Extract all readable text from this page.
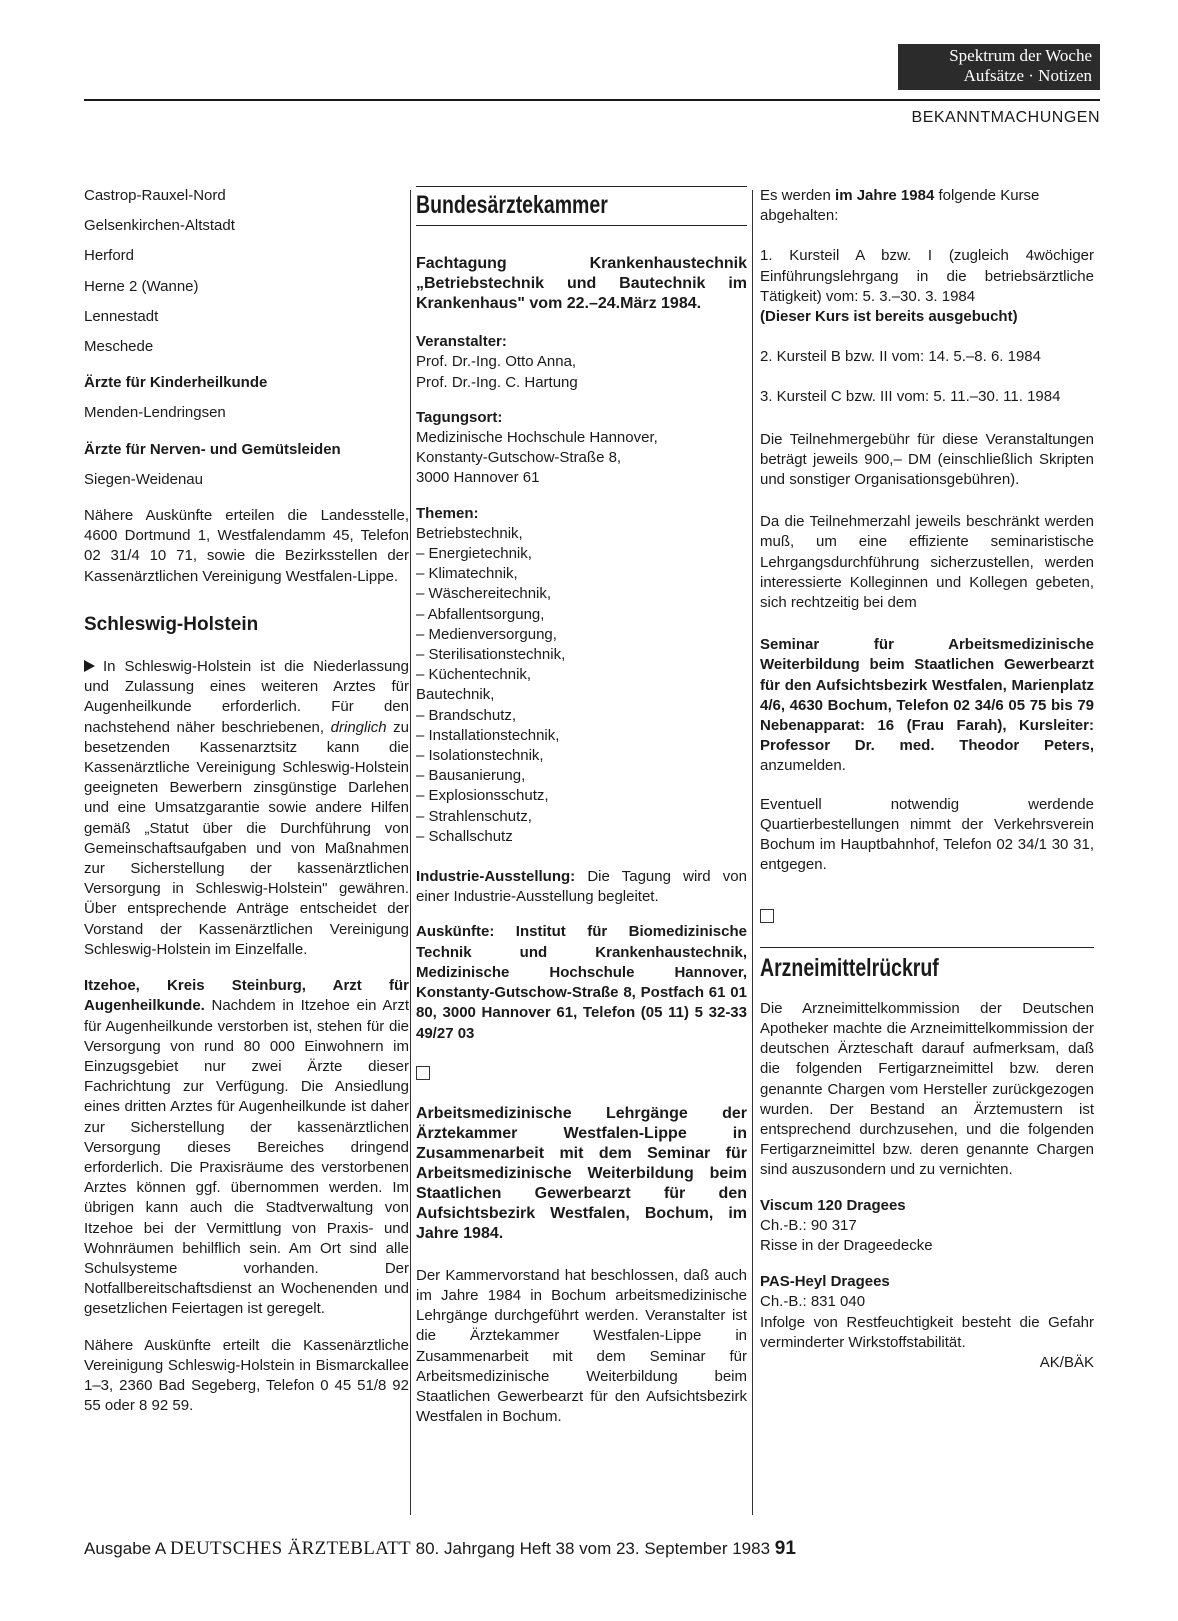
Spektrum der Woche
Aufsätze · Notizen
BEKANNTMACHUNGEN
Castrop-Rauxel-Nord
Gelsenkirchen-Altstadt
Herford
Herne 2 (Wanne)
Lennestadt
Meschede
Ärzte für Kinderheilkunde
Menden-Lendringsen
Ärzte für Nerven- und Gemütsleiden
Siegen-Weidenau
Nähere Auskünfte erteilen die Landesstelle, 4600 Dortmund 1, Westfalendamm 45, Telefon 02 31/4 10 71, sowie die Bezirksstellen der Kassenärztlichen Vereinigung Westfalen-Lippe.
Schleswig-Holstein
In Schleswig-Holstein ist die Niederlassung und Zulassung eines weiteren Arztes für Augenheilkunde erforderlich. Für den nachstehend näher beschriebenen, dringlich zu besetzenden Kassenarztsitz kann die Kassenärztliche Vereinigung Schleswig-Holstein geeigneten Bewerbern zinsgünstige Darlehen und eine Umsatzgarantie sowie andere Hilfen gemäß „Statut über die Durchführung von Gemeinschaftsaufgaben und von Maßnahmen zur Sicherstellung der kassenärztlichen Versorgung in Schleswig-Holstein" gewähren. Über entsprechende Anträge entscheidet der Vorstand der Kassenärztlichen Vereinigung Schleswig-Holstein im Einzelfalle.
Itzehoe, Kreis Steinburg, Arzt für Augenheilkunde. Nachdem in Itzehoe ein Arzt für Augenheilkunde verstorben ist, stehen für die Versorgung von rund 80 000 Einwohnern im Einzugsgebiet nur zwei Ärzte dieser Fachrichtung zur Verfügung. Die Ansiedlung eines dritten Arztes für Augenheilkunde ist daher zur Sicherstellung der kassenärztlichen Versorgung dieses Bereiches dringend erforderlich. Die Praxisräume des verstorbenen Arztes können ggf. übernommen werden. Im übrigen kann auch die Stadtverwaltung von Itzehoe bei der Vermittlung von Praxis- und Wohnräumen behilflich sein. Am Ort sind alle Schulsysteme vorhanden. Der Notfallbereitschaftsdienst an Wochenenden und gesetzlichen Feiertagen ist geregelt.
Nähere Auskünfte erteilt die Kassenärztliche Vereinigung Schleswig-Holstein in Bismarckallee 1–3, 2360 Bad Segeberg, Telefon 0 45 51/8 92 55 oder 8 92 59.
Bundesärztekammer
Fachtagung Krankenhaustechnik „Betriebstechnik und Bautechnik im Krankenhaus" vom 22.–24.März 1984.
Veranstalter:
Prof. Dr.-Ing. Otto Anna,
Prof. Dr.-Ing. C. Hartung
Tagungsort:
Medizinische Hochschule Hannover,
Konstanty-Gutschow-Straße 8,
3000 Hannover 61
Themen:
Betriebstechnik,
– Energietechnik,
– Klimatechnik,
– Wäschereitechnik,
– Abfallentsorgung,
– Medienversorgung,
– Sterilisationstechnik,
– Küchentechnik,
Bautechnik,
– Brandschutz,
– Installationstechnik,
– Isolationstechnik,
– Bausanierung,
– Explosionsschutz,
– Strahlenschutz,
– Schallschutz
Industrie-Ausstellung: Die Tagung wird von einer Industrie-Ausstellung begleitet.
Auskünfte: Institut für Biomedizinische Technik und Krankenhaustechnik, Medizinische Hochschule Hannover, Konstanty-Gutschow-Straße 8, Postfach 61 01 80, 3000 Hannover 61, Telefon (05 11) 5 32-33 49/27 03
Arbeitsmedizinische Lehrgänge der Ärztekammer Westfalen-Lippe in Zusammenarbeit mit dem Seminar für Arbeitsmedizinische Weiterbildung beim Staatlichen Gewerbearzt für den Aufsichtsbezirk Westfalen, Bochum, im Jahre 1984.
Der Kammervorstand hat beschlossen, daß auch im Jahre 1984 in Bochum arbeitsmedizinische Lehrgänge durchgeführt werden. Veranstalter ist die Ärztekammer Westfalen-Lippe in Zusammenarbeit mit dem Seminar für Arbeitsmedizinische Weiterbildung beim Staatlichen Gewerbearzt für den Aufsichtsbezirk Westfalen in Bochum.
Es werden im Jahre 1984 folgende Kurse abgehalten:
1. Kursteil A bzw. I (zugleich 4wöchiger Einführungslehrgang in die betriebsärztliche Tätigkeit) vom: 5. 3.–30. 3. 1984
(Dieser Kurs ist bereits ausgebucht)
2. Kursteil B bzw. II vom: 14. 5.–8. 6. 1984
3. Kursteil C bzw. III vom: 5. 11.–30. 11. 1984
Die Teilnehmergebühr für diese Veranstaltungen beträgt jeweils 900,– DM (einschließlich Skripten und sonstiger Organisationsgebühren).
Da die Teilnehmerzahl jeweils beschränkt werden muß, um eine effiziente seminaristische Lehrgangsdurchführung sicherzustellen, werden interessierte Kolleginnen und Kollegen gebeten, sich rechtzeitig bei dem
Seminar für Arbeitsmedizinische Weiterbildung beim Staatlichen Gewerbearzt für den Aufsichtsbezirk Westfalen, Marienplatz 4/6, 4630 Bochum, Telefon 02 34/6 05 75 bis 79 Nebenapparat: 16 (Frau Farah), Kursleiter: Professor Dr. med. Theodor Peters, anzumelden.
Eventuell notwendig werdende Quartierbestellungen nimmt der Verkehrsverein Bochum im Hauptbahnhof, Telefon 02 34/1 30 31, entgegen.
Arzneimittelrückruf
Die Arzneimittelkommission der Deutschen Apotheker machte die Arzneimittelkommission der deutschen Ärzteschaft darauf aufmerksam, daß die folgenden Fertigarzneimittel bzw. deren genannte Chargen vom Hersteller zurückgezogen wurden. Der Bestand an Ärztemustern ist entsprechend durchzusehen, und die folgenden Fertigarzneimittel bzw. deren genannte Chargen sind auszusondern und zu vernichten.
Viscum 120 Dragees
Ch.-B.: 90 317
Risse in der Drageedecke
PAS-Heyl Dragees
Ch.-B.: 831 040
Infolge von Restfeuchtigkeit besteht die Gefahr verminderter Wirkstoffstabilität.
AK/BÄK
Ausgabe A DEUTSCHES ÄRZTEBLATT 80. Jahrgang Heft 38 vom 23. September 1983 91
